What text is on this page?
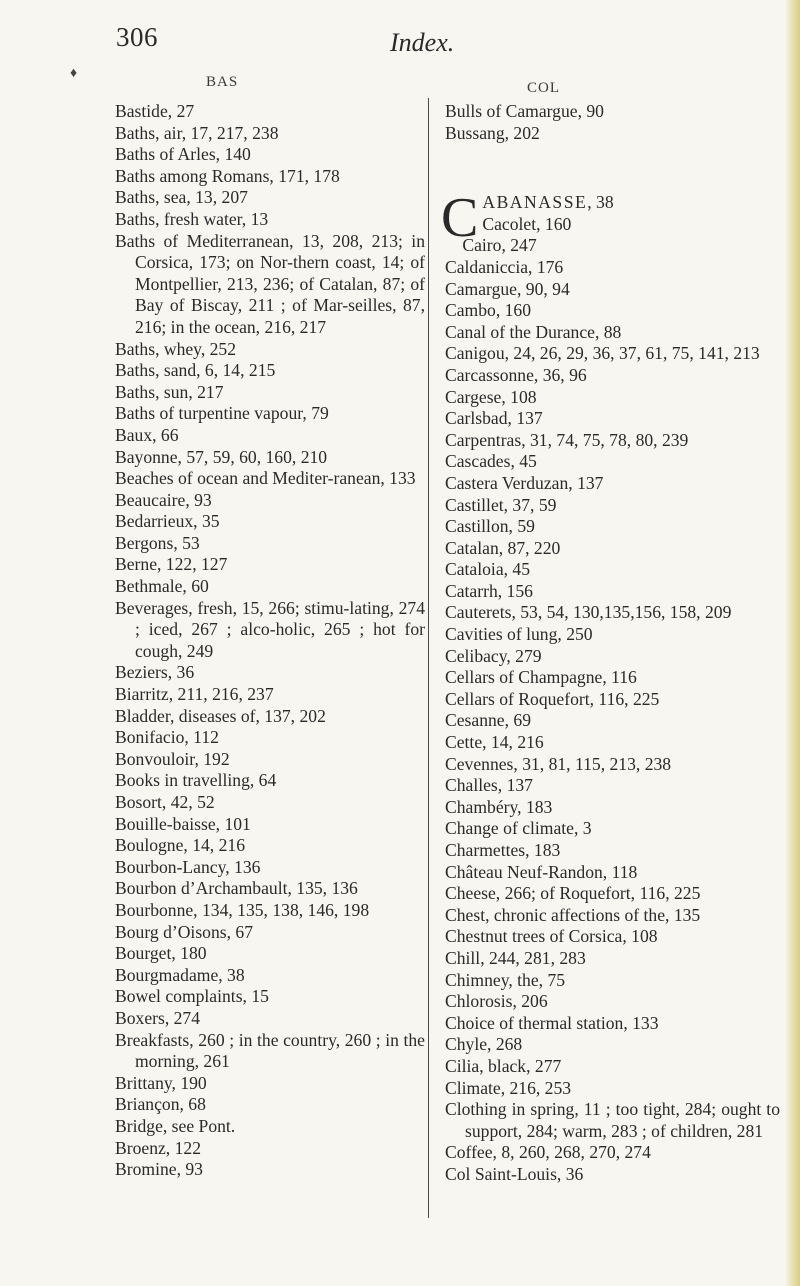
306	Index.
♦
BAS	COL
Bastide, 27
Baths, air, 17, 217, 238
Baths of Arles, 140
Baths among Romans, 171, 178
Baths, sea, 13, 207
Baths, fresh water, 13
Baths of Mediterranean, 13, 208, 213; in Corsica, 173; on Nor-thern coast, 14; of Montpellier, 213, 236; of Catalan, 87; of Bay of Biscay, 211 ; of Mar-seilles, 87, 216; in the ocean, 216, 217
Baths, whey, 252
Baths, sand, 6, 14, 215
Baths, sun, 217
Baths of turpentine vapour, 79
Baux, 66
Bayonne, 57, 59, 60, 160, 210
Beaches of ocean and Mediter-ranean, 133
Beaucaire, 93
Bedarrieux, 35
Bergons, 53
Berne, 122, 127
Bethmale, 60
Beverages, fresh, 15, 266; stimu-lating, 274 ; iced, 267 ; alco-holic, 265 ; hot for cough, 249
Beziers, 36
Biarritz, 211, 216, 237
Bladder, diseases of, 137, 202
Bonifacio, 112
Bonvouloir, 192
Books in travelling, 64
Bosort, 42, 52
Bouille-baisse, 101
Boulogne, 14, 216
Bourbon-Lancy, 136
Bourbon d’Archambault, 135, 136
Bourbonne, 134, 135, 138, 146, 198
Bourg d’Oisons, 67
Bourget, 180
Bourgmadame, 38
Bowel complaints, 15
Boxers, 274
Breakfasts, 260 ; in the country, 260 ; in the morning, 261
Brittany, 190
Briançon, 68
Bridge, see Pont.
Broenz, 122
Bromine, 93
Bulls of Camargue, 90
Bussang, 202
CABANASSE, 38
Cacolet, 160
Cairo, 247
Caldaniccia, 176
Camargue, 90, 94
Cambo, 160
Canal of the Durance, 88
Canigou, 24, 26, 29, 36, 37, 61, 75, 141, 213
Carcassonne, 36, 96
Cargese, 108
Carlsbad, 137
Carpentras, 31, 74, 75, 78, 80, 239
Cascades, 45
Castera Verduzan, 137
Castillet, 37, 59
Castillon, 59
Catalan, 87, 220
Cataloia, 45
Catarrh, 156
Cauterets, 53, 54, 130,135,156, 158, 209
Cavities of lung, 250
Celibacy, 279
Cellars of Champagne, 116
Cellars of Roquefort, 116, 225
Cesanne, 69
Cette, 14, 216
Cevennes, 31, 81, 115, 213, 238
Challes, 137
Chambéry, 183
Change of climate, 3
Charmettes, 183
Château Neuf-Randon, 118
Cheese, 266; of Roquefort, 116, 225
Chest, chronic affections of the, 135
Chestnut trees of Corsica, 108
Chill, 244, 281, 283
Chimney, the, 75
Chlorosis, 206
Choice of thermal station, 133
Chyle, 268
Cilia, black, 277
Climate, 216, 253
Clothing in spring, 11 ; too tight, 284; ought to support, 284; warm, 283 ; of children, 281
Coffee, 8, 260, 268, 270, 274
Col Saint-Louis, 36
